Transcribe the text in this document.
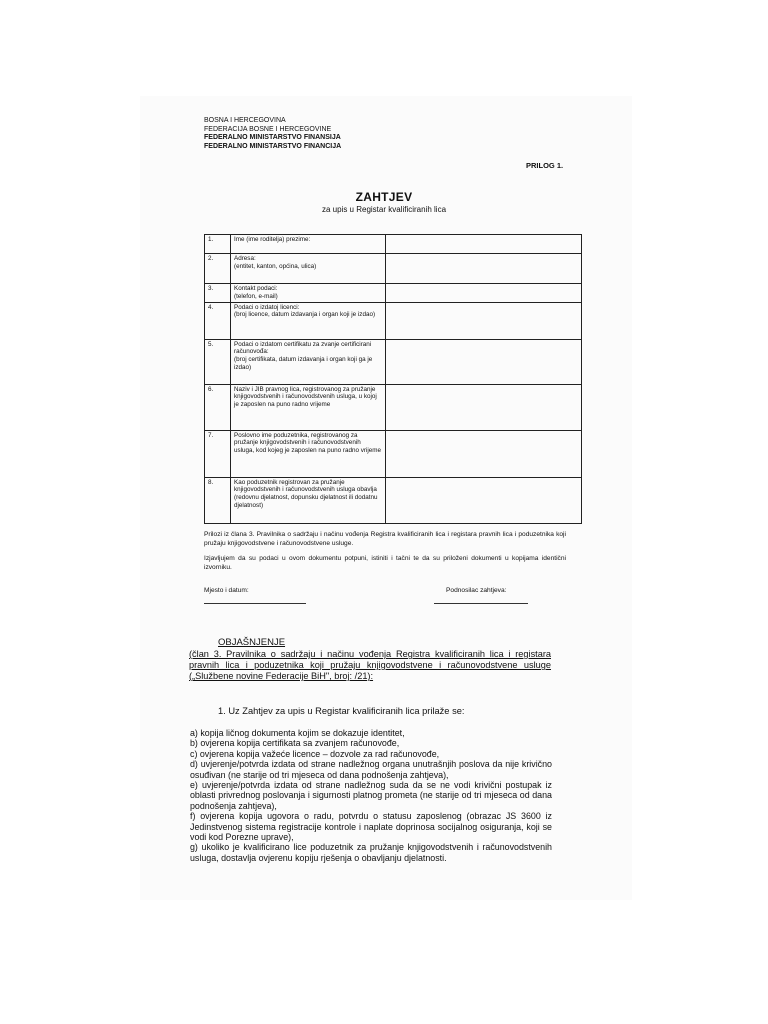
BOSNA I HERCEGOVINA
FEDERACIJA BOSNE I HERCEGOVINE
FEDERALNO MINISTARSTVO FINANSIJA
FEDERALNO MINISTARSTVO FINANCIJA
PRILOG 1.
ZAHTJEV
za upis u Registar kvalificiranih lica
1.	Ime (ime roditelja) prezime:	
2.	Adresa:
(entitet, kanton, općina, ulica)	
3.	Kontakt podaci:
(telefon, e-mail)	
4.	Podaci o izdatoj licenci:
(broj licence, datum izdavanja i organ koji je izdao)	
5.	Podaci o izdatom certifikatu za zvanje certificirani računovođa:
(broj certifikata, datum izdavanja i organ koji ga je izdao)	
6.	Naziv i JIB pravnog lica, registrovanog za pružanje knjigovodstvenih i računovodstvenih usluga, u kojoj je zaposlen na puno radno vrijeme	
7.	Poslovno ime poduzetnika, registrovanog za pružanje knjigovodstvenih i računovodstvenih usluga, kod kojeg je zaposlen na puno radno vrijeme	
8.	Kao poduzetnik registrovan za pružanje knjigovodstvenih i računovodstvenih usluga obavlja (redovnu djelatnost, dopunsku djelatnost ili dodatnu djelatnost)	

Prilozi iz člana 3. Pravilnika o sadržaju i načinu vođenja Registra kvalificiranih lica i registara pravnih lica i poduzetnika koji pružaju knjigovodstvene i računovodstvene usluge.

Izjavljujem da su podaci u ovom dokumentu potpuni, istiniti i tačni te da su priloženi dokumenti u kopijama identični izvorniku.

Mjesto i datum:	Podnosilac zahtjeva:
OBJAŠNJENJE
(član 3. Pravilnika o sadržaju i načinu vođenja Registra kvalificiranih lica i registara pravnih lica i poduzetnika koji pružaju knjigovodstvene i računovodstvene usluge („Službene novine Federacije BiH", broj: /21):
1. Uz Zahtjev za upis u Registar kvalificiranih lica prilaže se:
a) kopija ličnog dokumenta kojim se dokazuje identitet,
b) ovjerena kopija certifikata sa zvanjem računovođe,
c) ovjerena kopija važeće licence – dozvole za rad računovođe,
d) uvjerenje/potvrda izdata od strane nadležnog organa unutrašnjih poslova da nije krivično osuđivan (ne starije od tri mjeseca od dana podnošenja zahtjeva),
e) uvjerenje/potvrda izdata od strane nadležnog suda da se ne vodi krivični postupak iz oblasti privrednog poslovanja i sigurnosti platnog prometa (ne starije od tri mjeseca od dana podnošenja zahtjeva),
f) ovjerena kopija ugovora o radu, potvrdu o statusu zaposlenog (obrazac JS 3600 iz Jedinstvenog sistema registracije kontrole i naplate doprinosa socijalnog osiguranja, koji se vodi kod Porezne uprave),
g) ukoliko je kvalificirano lice poduzetnik za pružanje knjigovodstvenih i računovodstvenih usluga, dostavlja ovjerenu kopiju rješenja o obavljanju djelatnosti.
